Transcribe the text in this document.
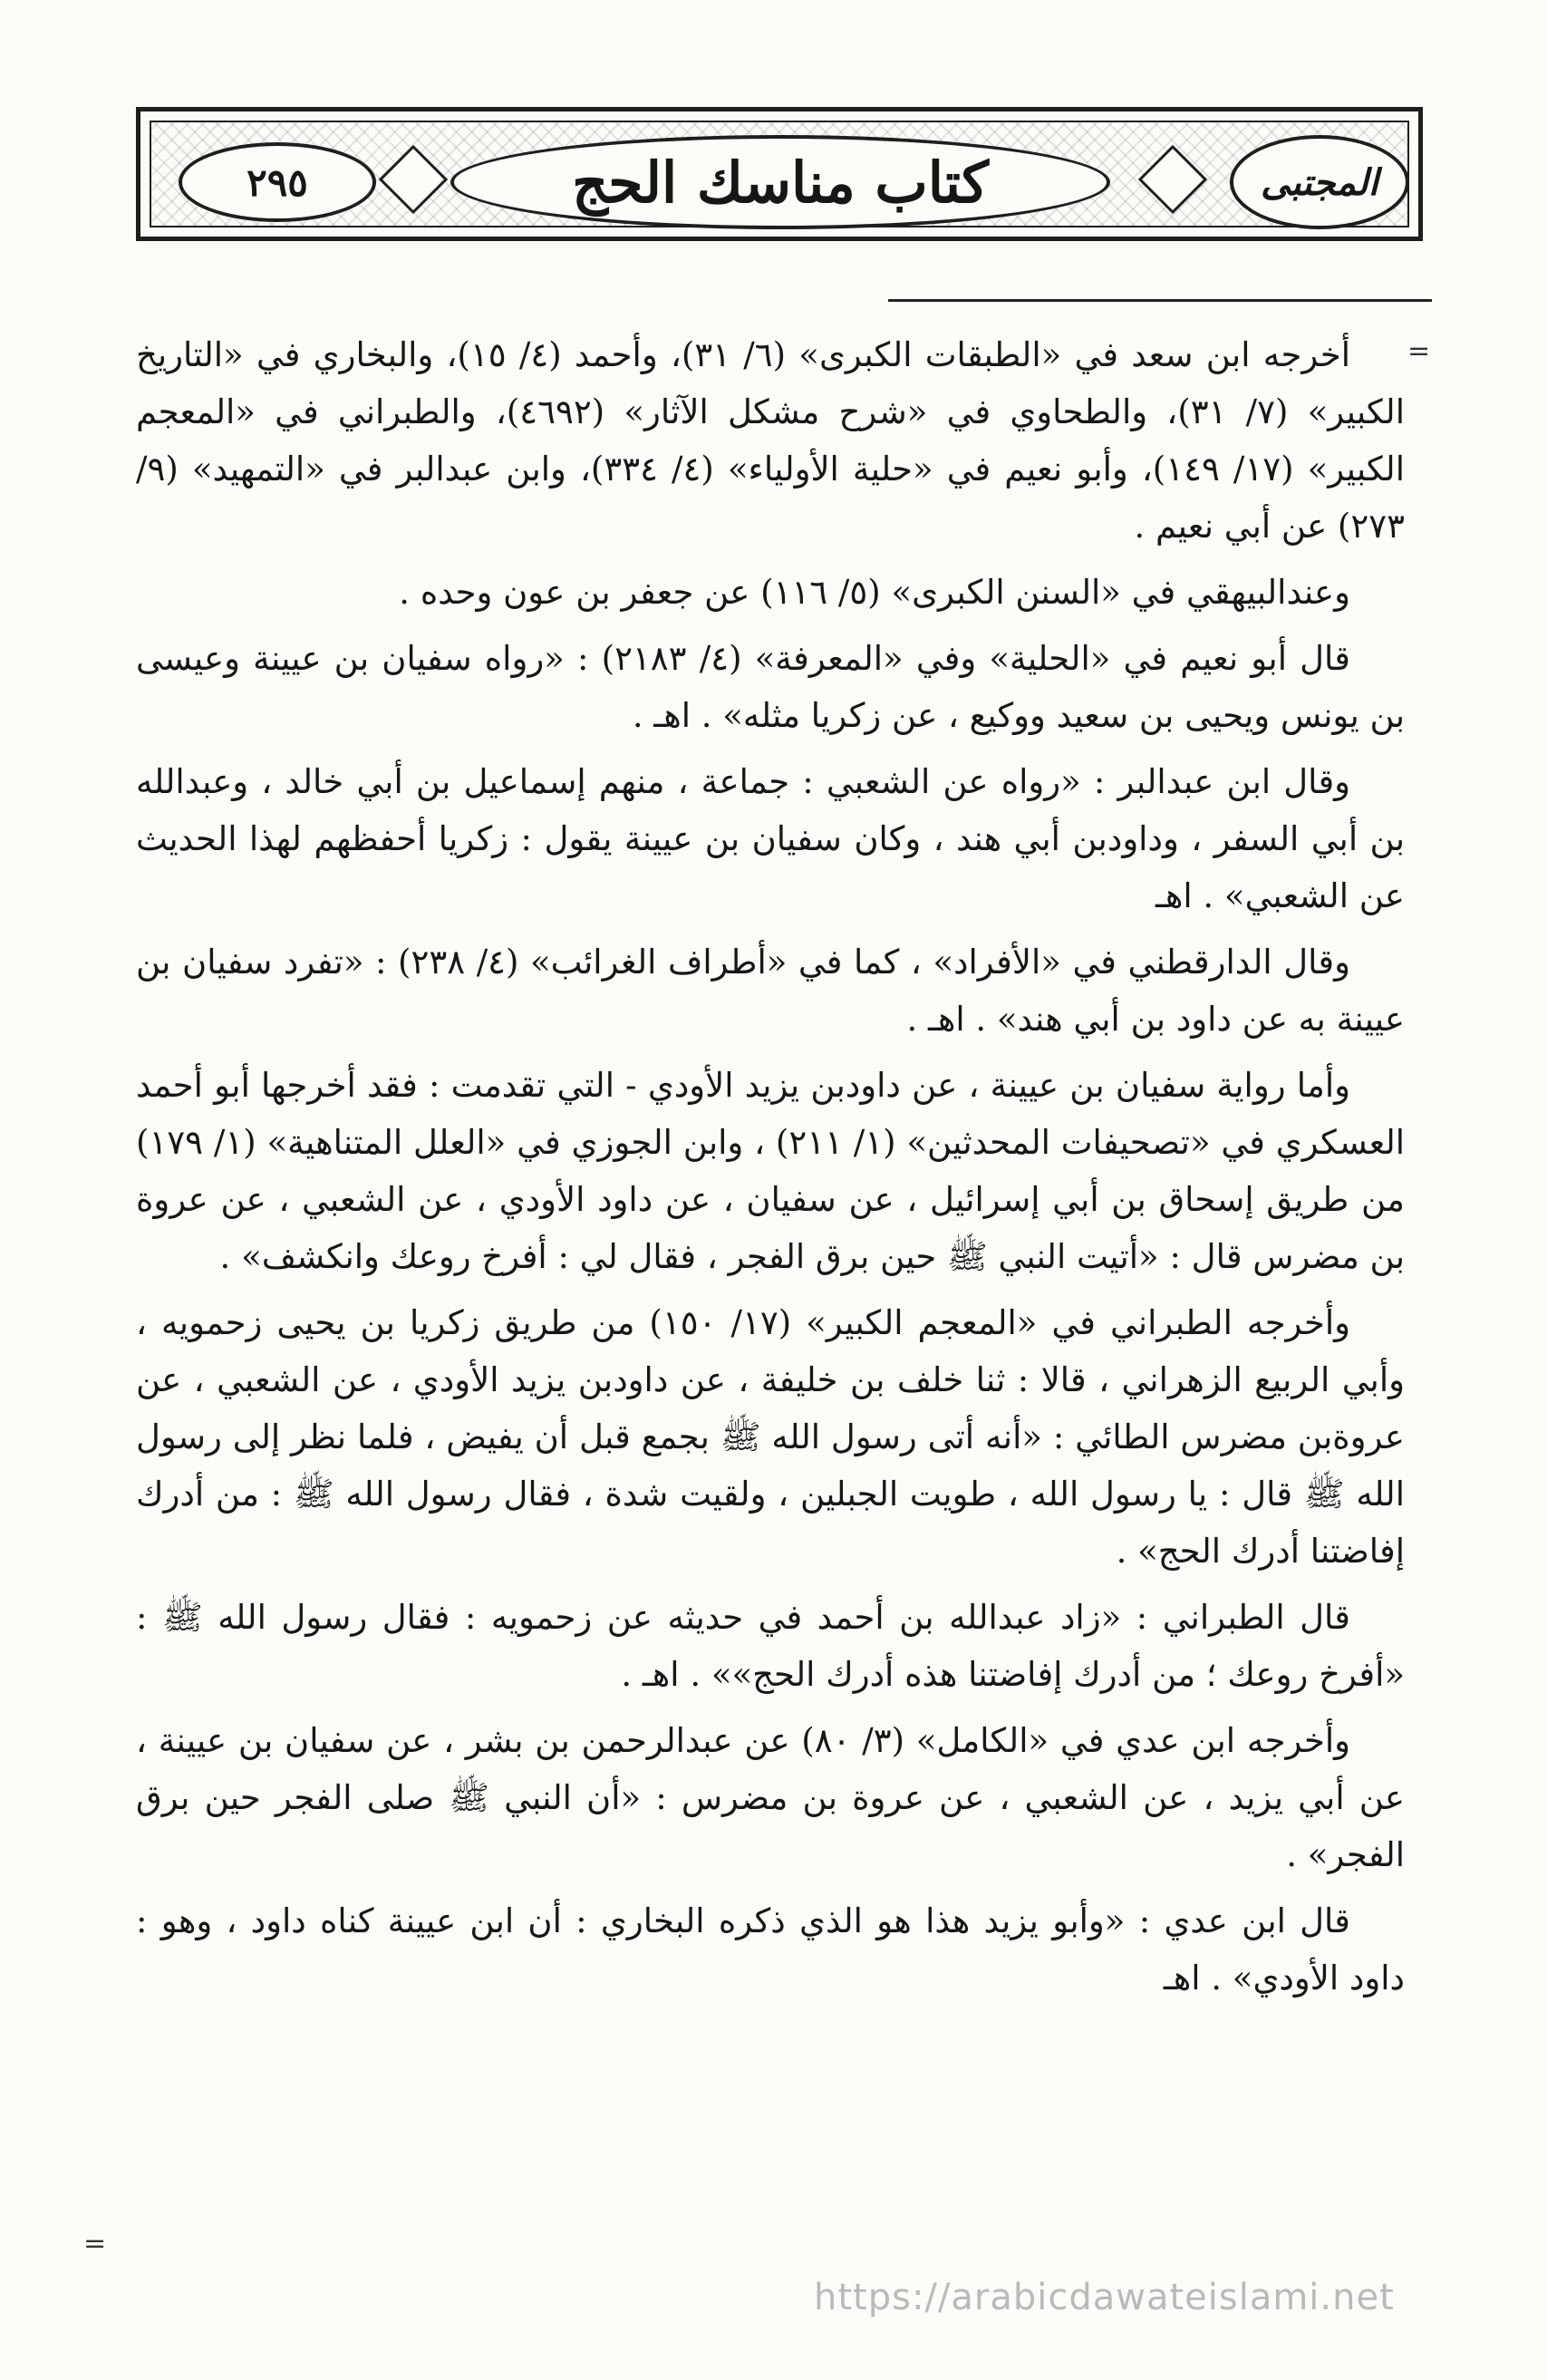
٢٩٥	كتاب مناسك الحج	المجتبى
=

أخرجه ابن سعد في «الطبقات الكبرى» (٦/ ٣١)، وأحمد (٤/ ١٥)، والبخاري في «التاريخ الكبير» (٧/ ٣١)، والطحاوي في «شرح مشكل الآثار» (٤٦٩٢)، والطبراني في «المعجم الكبير» (١٧/ ١٤٩)، وأبو نعيم في «حلية الأولياء» (٤/ ٣٣٤)، وابن عبدالبر في «التمهيد» (٩/ ٢٧٣) عن أبي نعيم .

وعندالبيهقي في «السنن الكبرى» (٥/ ١١٦) عن جعفر بن عون وحده .

قال أبو نعيم في «الحلية» وفي «المعرفة» (٤/ ٢١٨٣) : «رواه سفيان بن عيينة وعيسى بن يونس ويحيى بن سعيد ووكيع ، عن زكريا مثله» . اهـ .

وقال ابن عبدالبر : «رواه عن الشعبي : جماعة ، منهم إسماعيل بن أبي خالد ، وعبدالله بن أبي السفر ، وداودبن أبي هند ، وكان سفيان بن عيينة يقول : زكريا أحفظهم لهذا الحديث عن الشعبي» . اهـ

وقال الدارقطني في «الأفراد» ، كما في «أطراف الغرائب» (٤/ ٢٣٨) : «تفرد سفيان بن عيينة به عن داود بن أبي هند» . اهـ .

وأما رواية سفيان بن عيينة ، عن داودبن يزيد الأودي - التي تقدمت : فقد أخرجها أبو أحمد العسكري في «تصحيفات المحدثين» (١/ ٢١١) ، وابن الجوزي في «العلل المتناهية» (١/ ١٧٩) من طريق إسحاق بن أبي إسرائيل ، عن سفيان ، عن داود الأودي ، عن الشعبي ، عن عروة بن مضرس قال : «أتيت النبي ﷺ حين برق الفجر ، فقال لي : أفرخ روعك وانكشف» .

وأخرجه الطبراني في «المعجم الكبير» (١٧/ ١٥٠) من طريق زكريا بن يحيى زحمويه ، وأبي الربيع الزهراني ، قالا : ثنا خلف بن خليفة ، عن داودبن يزيد الأودي ، عن الشعبي ، عن عروةبن مضرس الطائي : «أنه أتى رسول الله ﷺ بجمع قبل أن يفيض ، فلما نظر إلى رسول الله ﷺ قال : يا رسول الله ، طويت الجبلين ، ولقيت شدة ، فقال رسول الله ﷺ : من أدرك إفاضتنا أدرك الحج» .

قال الطبراني : «زاد عبدالله بن أحمد في حديثه عن زحمويه : فقال رسول الله ﷺ : «أفرخ روعك ؛ من أدرك إفاضتنا هذه أدرك الحج»» . اهـ .

وأخرجه ابن عدي في «الكامل» (٣/ ٨٠) عن عبدالرحمن بن بشر ، عن سفيان بن عيينة ، عن أبي يزيد ، عن الشعبي ، عن عروة بن مضرس : «أن النبي ﷺ صلى الفجر حين برق الفجر» .

قال ابن عدي : «وأبو يزيد هذا هو الذي ذكره البخاري : أن ابن عيينة كناه داود ، وهو : داود الأودي» . اهـ

=
https://arabicdawateislami.net
